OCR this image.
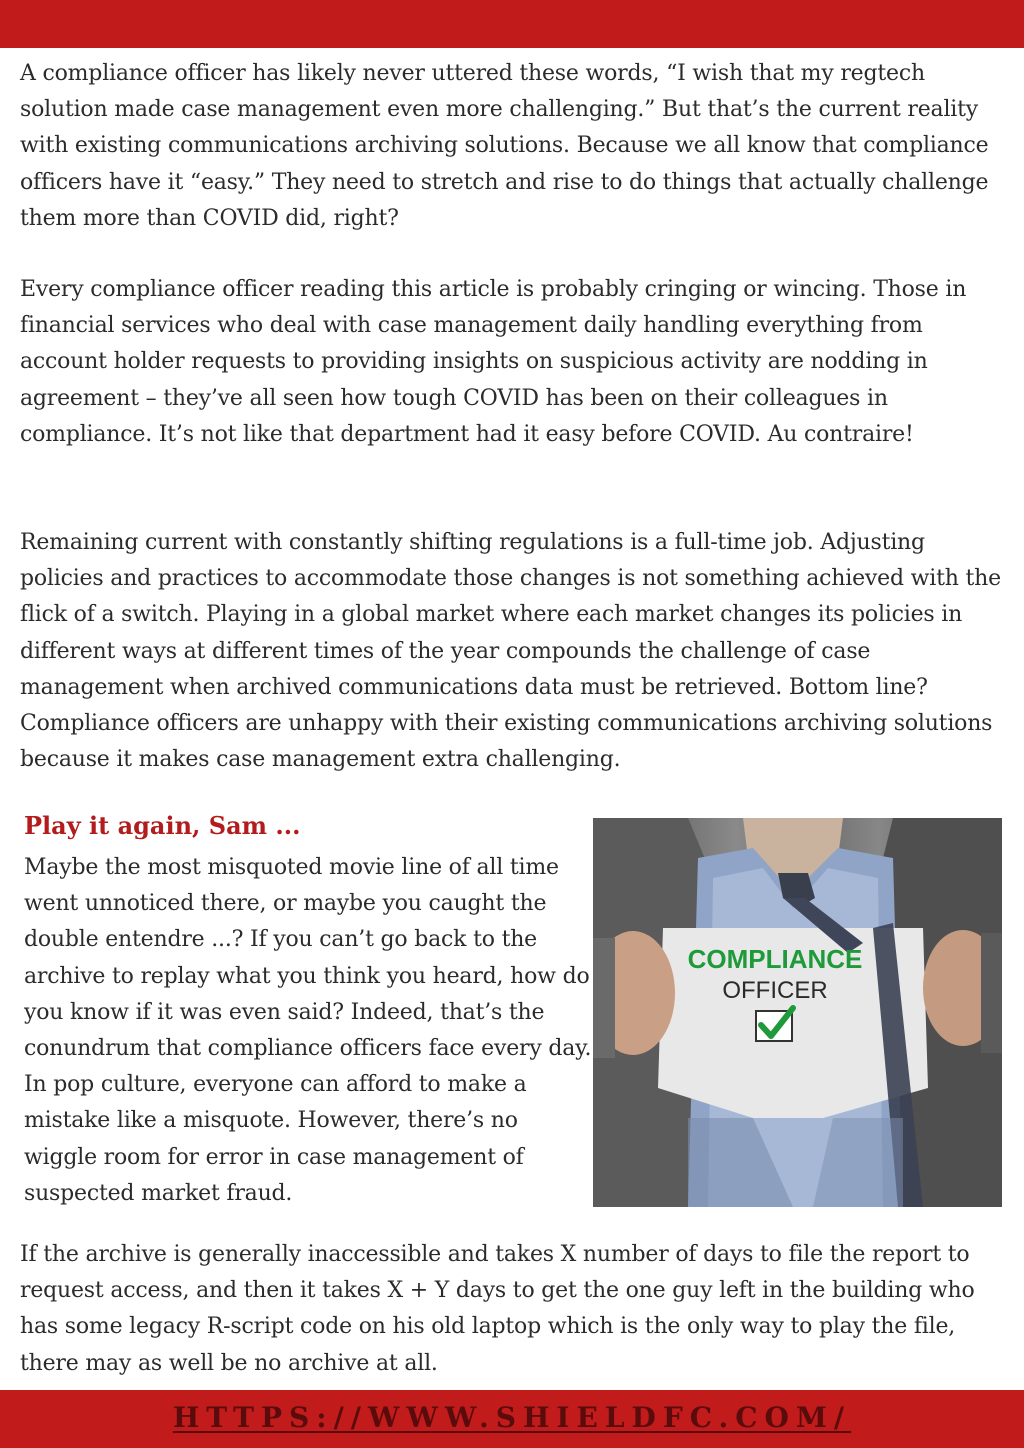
A compliance officer has likely never uttered these words, “I wish that my regtech solution made case management even more challenging.” But that’s the current reality with existing communications archiving solutions. Because we all know that compliance officers have it “easy.” They need to stretch and rise to do things that actually challenge them more than COVID did, right?

Every compliance officer reading this article is probably cringing or wincing. Those in financial services who deal with case management daily handling everything from account holder requests to providing insights on suspicious activity are nodding in agreement – they’ve all seen how tough COVID has been on their colleagues in compliance. It’s not like that department had it easy before COVID. Au contraire!

Remaining current with constantly shifting regulations is a full-time job. Adjusting policies and practices to accommodate those changes is not something achieved with the flick of a switch. Playing in a global market where each market changes its policies in different ways at different times of the year compounds the challenge of case management when archived communications data must be retrieved. Bottom line? Compliance officers are unhappy with their existing communications archiving solutions because it makes case management extra challenging.

Play it again, Sam ...

Maybe the most misquoted movie line of all time went unnoticed there, or maybe you caught the double entendre ...? If you can’t go back to the archive to replay what you think you heard, how do you know if it was even said? Indeed, that’s the conundrum that compliance officers face every day. In pop culture, everyone can afford to make a mistake like a misquote. However, there’s no wiggle room for error in case management of suspected market fraud.

COMPLIANCE
OFFICER

If the archive is generally inaccessible and takes X number of days to file the report to request access, and then it takes X + Y days to get the one guy left in the building who has some legacy R-script code on his old laptop which is the only way to play the file, there may as well be no archive at all.

HTTPS://WWW.SHIELDFC.COM/
